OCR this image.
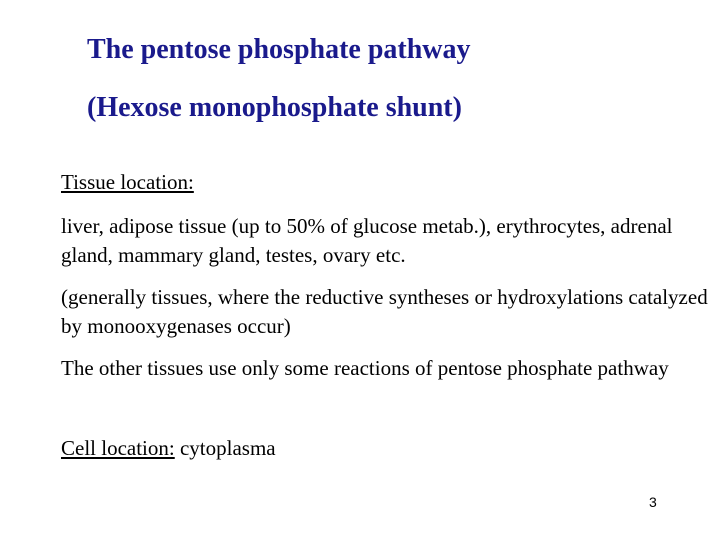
The pentose phosphate pathway
(Hexose monophosphate shunt)

Tissue location:

liver, adipose tissue (up to 50% of glucose metab.), erythrocytes, adrenal gland, mammary gland, testes, ovary etc.

(generally tissues, where the reductive syntheses or hydroxylations catalyzed by monooxygenases occur)

The other tissues use only some reactions of pentose phosphate pathway

Cell location: cytoplasma

3
